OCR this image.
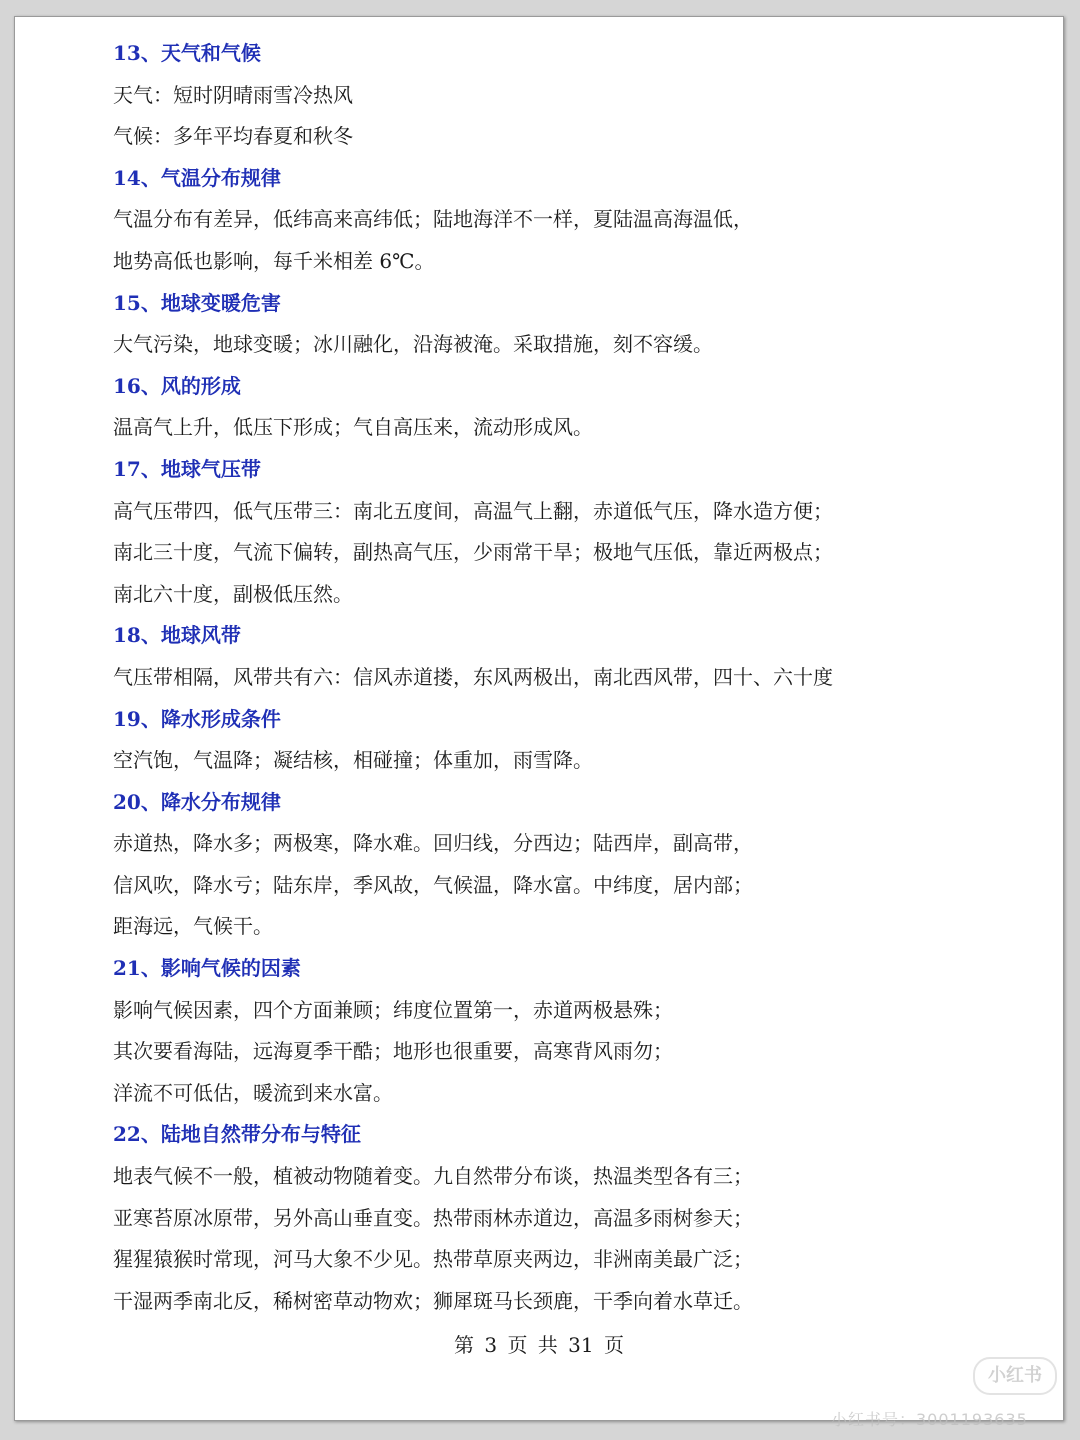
13、天气和气候
天气：短时阴晴雨雪冷热风
气候：多年平均春夏和秋冬
14、气温分布规律
气温分布有差异，低纬高来高纬低；陆地海洋不一样，夏陆温高海温低，
地势高低也影响，每千米相差 6℃。
15、地球变暖危害
大气污染，地球变暖；冰川融化，沿海被淹。采取措施，刻不容缓。
16、风的形成
温高气上升，低压下形成；气自高压来，流动形成风。
17、地球气压带
高气压带四，低气压带三：南北五度间，高温气上翻，赤道低气压，降水造方便；
南北三十度，气流下偏转，副热高气压，少雨常干旱；极地气压低，靠近两极点；
南北六十度，副极低压然。
18、地球风带
气压带相隔，风带共有六：信风赤道搂，东风两极出，南北西风带，四十、六十度
19、降水形成条件
空汽饱，气温降；凝结核，相碰撞；体重加，雨雪降。
20、降水分布规律
赤道热，降水多；两极寒，降水难。回归线，分西边；陆西岸，副高带，
信风吹，降水亏；陆东岸，季风故，气候温，降水富。中纬度，居内部；
距海远，气候干。
21、影响气候的因素
影响气候因素，四个方面兼顾；纬度位置第一，赤道两极悬殊；
其次要看海陆，远海夏季干酷；地形也很重要，高寒背风雨勿；
洋流不可低估，暖流到来水富。
22、陆地自然带分布与特征
地表气候不一般，植被动物随着变。九自然带分布谈，热温类型各有三；
亚寒苔原冰原带，另外高山垂直变。热带雨林赤道边，高温多雨树参天；
猩猩猿猴时常现，河马大象不少见。热带草原夹两边，非洲南美最广泛；
干湿两季南北反，稀树密草动物欢；狮犀斑马长颈鹿，干季向着水草迁。
第 3 页 共 31 页
小红书
小红书号：3001193635
